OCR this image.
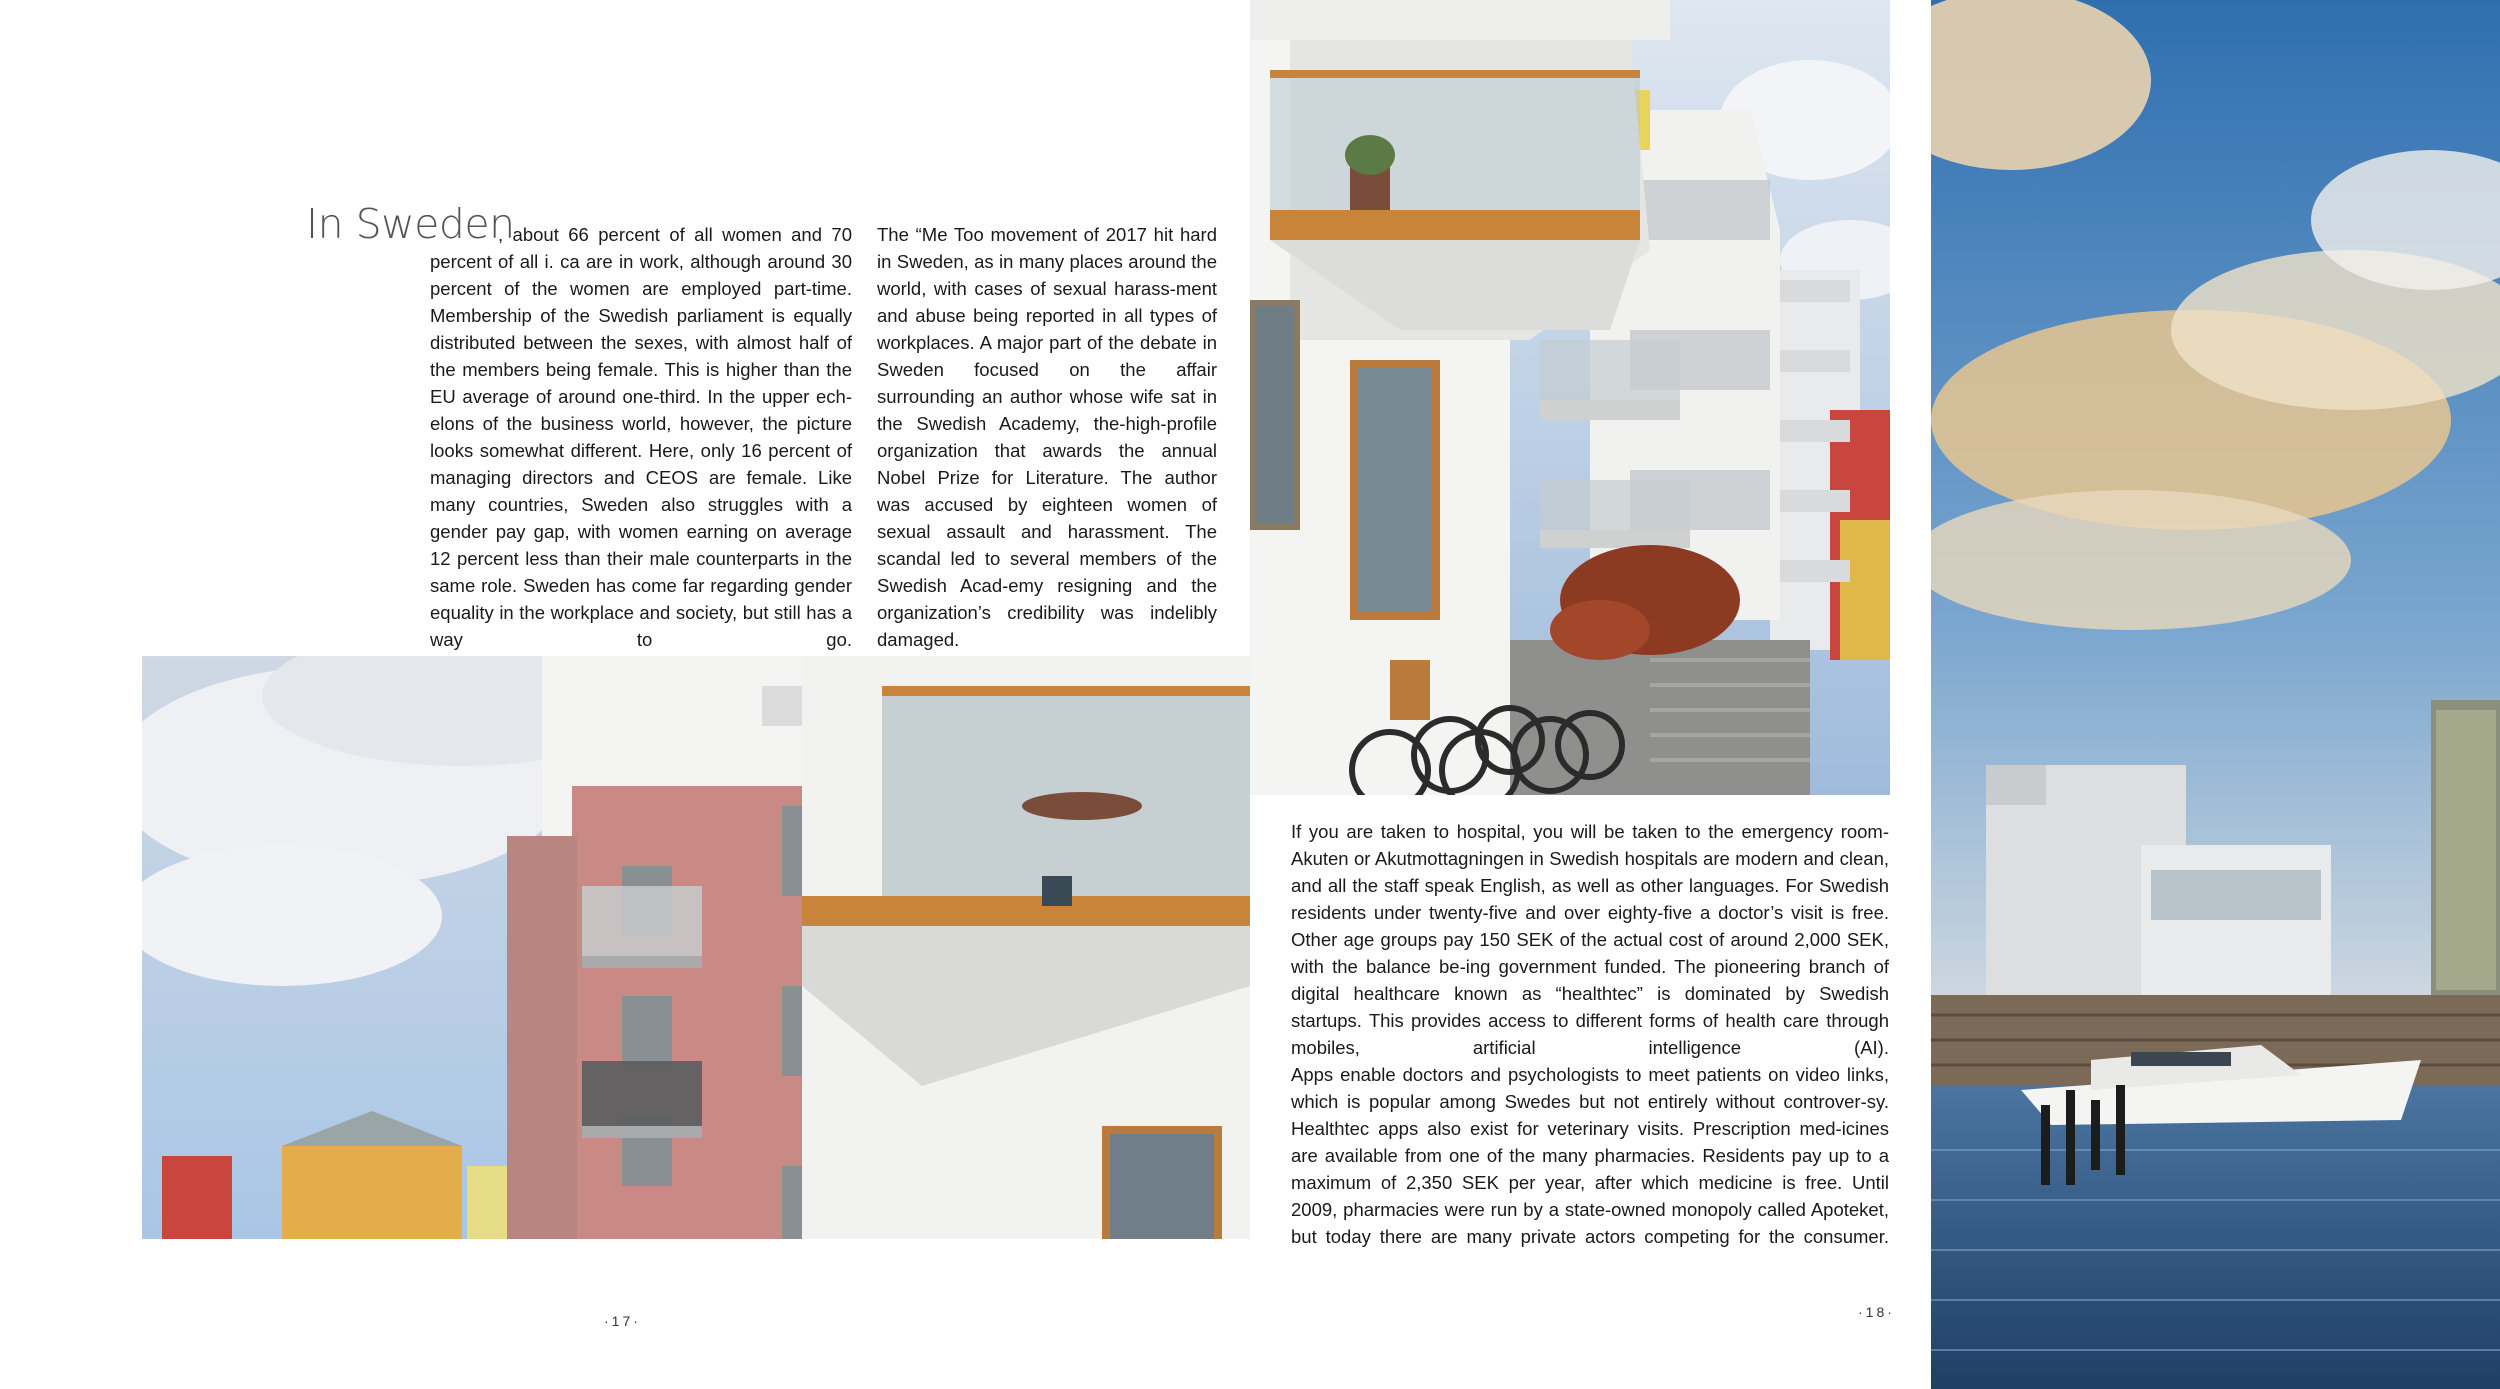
In Sweden
, about 66 percent of all women and 70

percent of all i. ca are in work, although around 30 percent of the women are employed part-time. Membership of the Swedish parliament is equally distributed between the sexes, with almost half of the members being female. This is higher than the EU average of around one-third. In the upper ech-elons of the business world, however, the picture looks somewhat different. Here, only 16 percent of managing directors and CEOS are female. Like many countries, Sweden also struggles with a gender pay gap, with women earning on average 12 percent less than their male counterparts in the same role. Sweden has come far regarding gender equality in the workplace and society, but still has a way to go.

The “Me Too movement of 2017 hit hard in Sweden, as in many places around the world, with cases of sexual harass-ment and abuse being reported in all types of workplaces. A major part of the debate in Sweden focused on the affair surrounding an author whose wife sat in the Swedish Academy, the-high-profile organization that awards the annual Nobel Prize for Literature. The author was accused by eighteen women of sexual assault and harassment. The scandal led to several members of the Swedish Acad-emy resigning and the organization’s credibility was indelibly damaged.

If you are taken to hospital, you will be taken to the emergency room-Akuten or Akutmottagningen in Swedish hospitals are modern and clean, and all the staff speak English, as well as other languages. For Swedish residents under twenty-five and over eighty-five a doctor’s visit is free. Other age groups pay 150 SEK of the actual cost of around 2,000 SEK, with the balance be-ing government funded. The pioneering branch of digital healthcare known as “healthtec” is dominated by Swedish startups. This provides access to different forms of health care through mobiles, artificial intelligence (AI).

Apps enable doctors and psychologists to meet patients on video links, which is popular among Swedes but not entirely without controver-sy. Healthtec apps also exist for veterinary visits. Prescription med-icines are available from one of the many pharmacies. Residents pay up to a maximum of 2,350 SEK per year, after which medicine is free. Until 2009, pharmacies were run by a state-owned monopoly called Apoteket, but today there are many private actors competing for the consumer.

·17·
·18·
